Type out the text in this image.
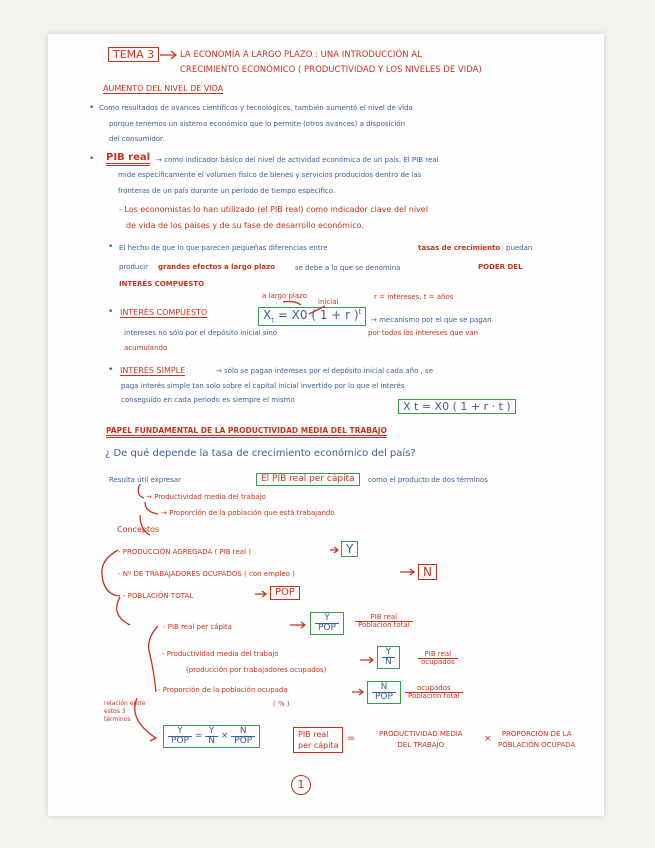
TEMA 3	LA ECONOMÍA A LARGO PLAZO : UNA INTRODUCCIÓN AL
CRECIMIENTO ECONÓMICO ( PRODUCTIVIDAD Y LOS NIVELES DE VIDA)
AUMENTO DEL NIVEL DE VIDA
• Como resultados de avances científicos y tecnológicos, también aumentó el nivel de vida
porque tenemos un sistema económico que lo permite (otros avances) a disposición
del consumidor.
• PIB real → como indicador básico del nivel de actividad económica de un país. El PIB real
mide específicamente el volumen físico de bienes y servicios producidos dentro de las
fronteras de un país durante un periodo de tiempo específico.
- Los economistas lo han utilizado (el PIB real) como indicador clave del nivel
de vida de los países y de su fase de desarrollo económico.
• El hecho de que lo que parecen pequeñas diferencias entre	tasas de crecimiento puedan
producir grandes efectos a largo plazo	se debe a lo que se denomina	PODER DEL
INTERÉS COMPUESTO
a largo plazo
inicial
r = intereses, t = años
• INTERÉS COMPUESTO	$X_t = X0$ ( 1 + r )$^t$
→ mecanismo por el que se pagan
intereses no sólo por el depósito inicial sino	por todos los intereses que van
acumulando
• INTERÉS SIMPLE	→ sólo se pagan intereses por el depósito inicial cada año , se
paga interés simple tan solo sobre el capital inicial invertido por lo que el interés
conseguido en cada periodo es siempre el mismo	X t = X0 ( 1 + r · t )
PAPEL FUNDAMENTAL DE LA PRODUCTIVIDAD MEDIA DEL TRABAJO
¿ De qué depende la tasa de crecimiento económico del país?
Resulta útil expresar	El PIB real per cápita	como el producto de dos términos
→ Productividad media del trabajo
→ Proporción de la población que está trabajando
Conceptos
- PRODUCCIÓN AGREGADA ( PIB real )	Y
- Nº DE TRABAJADORES OCUPADOS ( con empleo )	N
- POBLACIÓN TOTAL	POP
- PIB real per cápita	$\frac{Y}{\text{POP}} \frac{\text{PIB real}}{\text{Población total}}$
- Productividad media del trabajo
(producción por trabajadores ocupados)
$\frac{Y}{N}$	$\frac{\text{PIB real}}{\text{ocupados}}$
- Proporción de la población ocupada
( % )
$\frac{N}{\text{POP}} \frac{\text{ocupados}}{\text{Población total}}$
relación entre estos 3 términos
$\frac{Y}{\text{POP}} = \frac{Y}{N} \times \frac{N}{\text{POP}}$	PIB real
per cápita
=	PRODUCTIVIDAD MEDIA
DEL TRABAJO
×	PROPORCIÓN DE LA
POBLACIÓN OCUPADA
1
